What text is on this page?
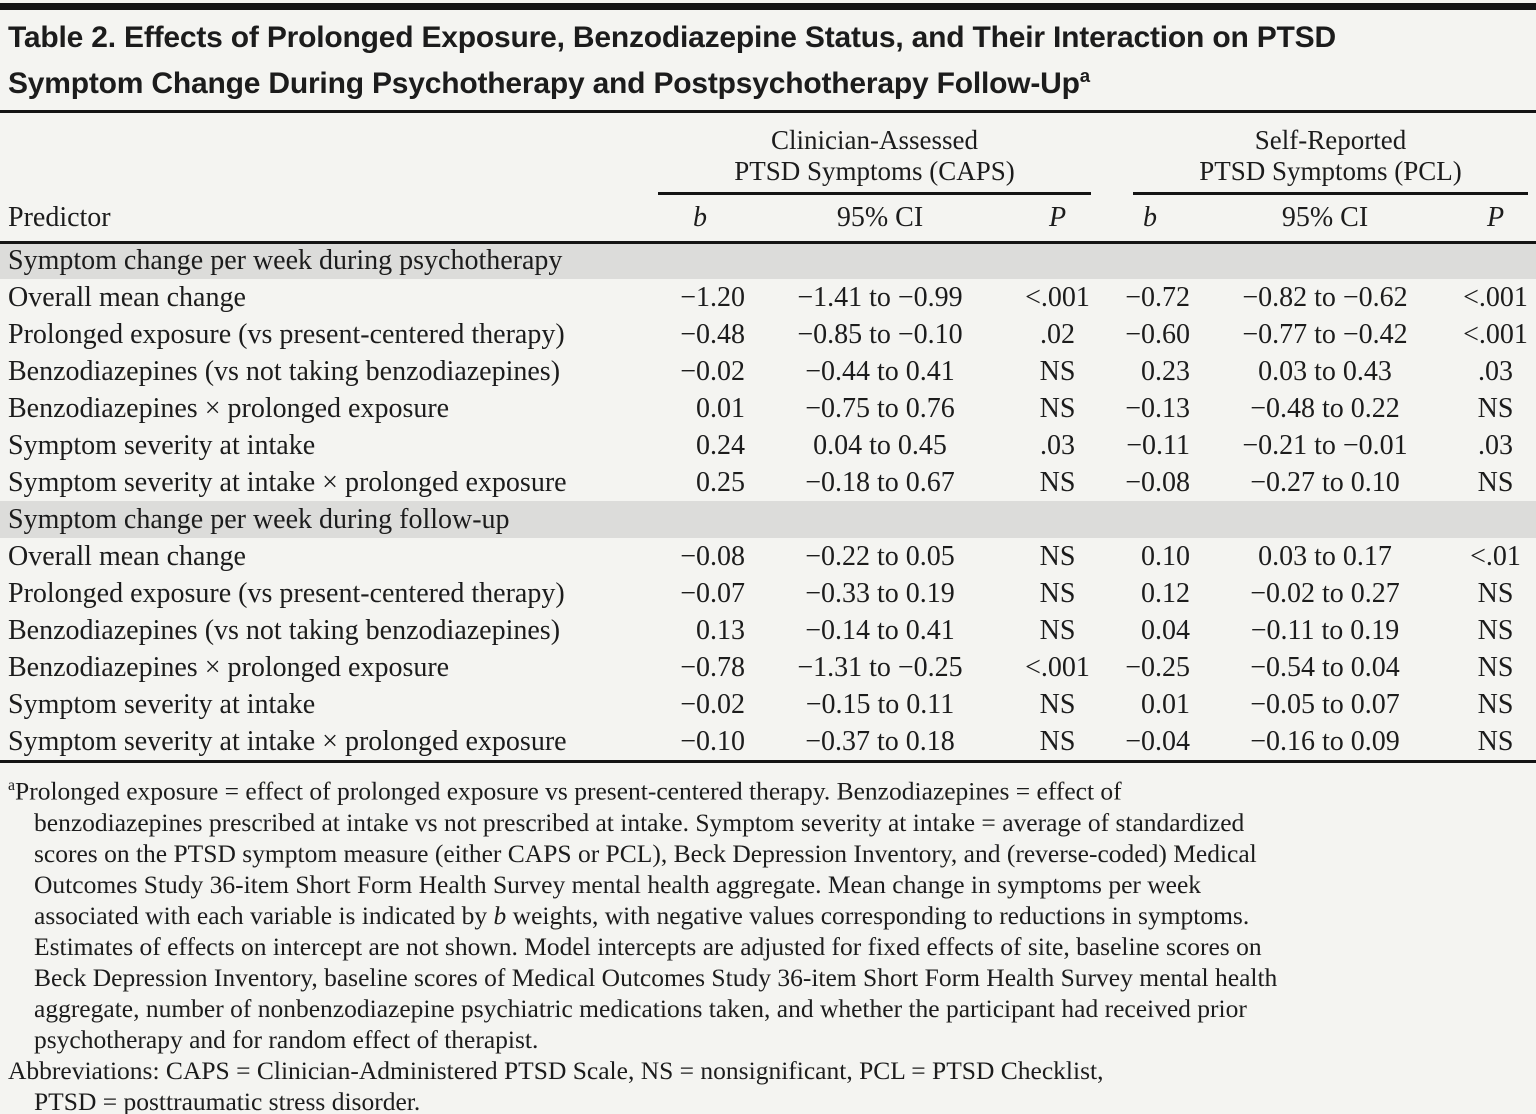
Table 2. Effects of Prolonged Exposure, Benzodiazepine Status, and Their Interaction on PTSD
Symptom Change During Psychotherapy and Postpsychotherapy Follow-Up$^a$

Clinician-Assessed
PTSD Symptoms (CAPS)

Self-Reported
PTSD Symptoms (PCL)

Predictor	b	95% CI	P	b	95% CI	P
Symptom change per week during psychotherapy						
Overall mean change	−1.20	−1.41 to −0.99	<.001	−0.72	−0.82 to −0.62	<.001
Prolonged exposure (vs present-centered therapy)	−0.48	−0.85 to −0.10	.02	−0.60	−0.77 to −0.42	<.001
Benzodiazepines (vs not taking benzodiazepines)	−0.02	−0.44 to 0.41	NS	0.23	0.03 to 0.43	.03
Benzodiazepines × prolonged exposure	0.01	−0.75 to 0.76	NS	−0.13	−0.48 to 0.22	NS
Symptom severity at intake	0.24	0.04 to 0.45	.03	−0.11	−0.21 to −0.01	.03
Symptom severity at intake × prolonged exposure	0.25	−0.18 to 0.67	NS	−0.08	−0.27 to 0.10	NS
Symptom change per week during follow-up						
Overall mean change	−0.08	−0.22 to 0.05	NS	0.10	0.03 to 0.17	<.01
Prolonged exposure (vs present-centered therapy)	−0.07	−0.33 to 0.19	NS	0.12	−0.02 to 0.27	NS
Benzodiazepines (vs not taking benzodiazepines)	0.13	−0.14 to 0.41	NS	0.04	−0.11 to 0.19	NS
Benzodiazepines × prolonged exposure	−0.78	−1.31 to −0.25	<.001	−0.25	−0.54 to 0.04	NS
Symptom severity at intake	−0.02	−0.15 to 0.11	NS	0.01	−0.05 to 0.07	NS
Symptom severity at intake × prolonged exposure	−0.10	−0.37 to 0.18	NS	−0.04	−0.16 to 0.09	NS
$^a$Prolonged exposure = effect of prolonged exposure vs present-centered therapy. Benzodiazepines = effect of
benzodiazepines prescribed at intake vs not prescribed at intake. Symptom severity at intake = average of standardized
scores on the PTSD symptom measure (either CAPS or PCL), Beck Depression Inventory, and (reverse-coded) Medical
Outcomes Study 36-item Short Form Health Survey mental health aggregate. Mean change in symptoms per week
associated with each variable is indicated by b weights, with negative values corresponding to reductions in symptoms.
Estimates of effects on intercept are not shown. Model intercepts are adjusted for fixed effects of site, baseline scores on
Beck Depression Inventory, baseline scores of Medical Outcomes Study 36-item Short Form Health Survey mental health
aggregate, number of nonbenzodiazepine psychiatric medications taken, and whether the participant had received prior
psychotherapy and for random effect of therapist.
Abbreviations: CAPS = Clinician-Administered PTSD Scale, NS = nonsignificant, PCL = PTSD Checklist,
PTSD = posttraumatic stress disorder.
